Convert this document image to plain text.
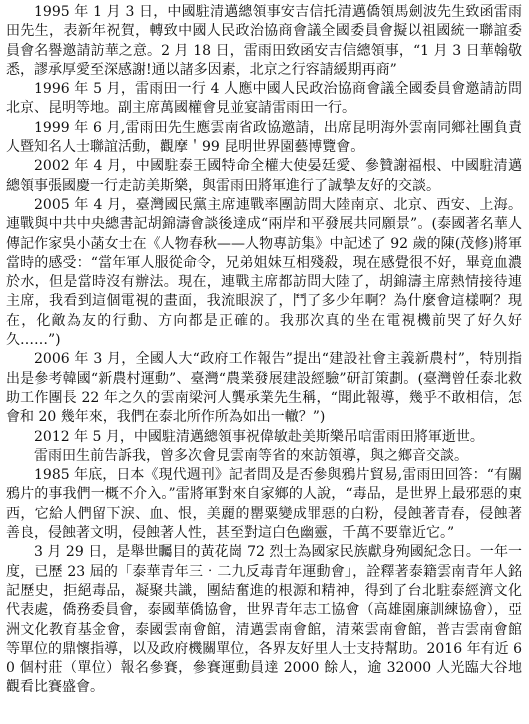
1995 年 1 月 3 日，中國駐清邁總領事安吉信托清邁僑領馬劍波先生致函雷雨田先生，表新年祝賀，轉致中國人民政治協商會議全國委員會擬以祖國統一聯誼委員會名譽邀請訪華之意。2 月 18 日，雷雨田致函安吉信總領事，“1 月 3 日華翰敬悉，謬承厚愛至深感謝!通以諸多因素，北京之行容請緩期再商”

1996 年 5 月，雷雨田一行 4 人應中國人民政治協商會議全國委員會邀請訪問北京、昆明等地。副主席萬國權會見並宴請雷雨田一行。

1999 年 6 月,雷雨田先生應雲南省政協邀請，出席昆明海外雲南同鄉社團負責人暨知名人士聯誼活動，觀摩＇99 昆明世界園藝博覽會。

2002 年 4 月，中國駐泰王國特命全權大使晏廷愛、參贊謝福根、中國駐清邁總領事張國慶一行走訪美斯樂，與雷雨田將軍進行了誠摯友好的交談。

2005 年 4 月，臺灣國民黨主席連戰率團訪問大陸南京、北京、西安、上海。連戰與中共中央總書記胡錦濤會談後達成“兩岸和平發展共同願景”。(泰國著名華人傳記作家吳小菡女士在《人物春秋——人物專訪集》中記述了 92 歲的陳(茂修)將軍當時的感受：“當年軍人服從命令，兄弟姐妹互相殘殺，現在感覺很不好，畢竟血濃於水，但是當時沒有辦法。現在，連戰主席都訪問大陸了，胡錦濤主席熱情接待連主席，我看到這個電視的畫面，我流眼淚了，鬥了多少年啊？為什麼會這樣啊？現在，化敵為友的行動、方向都是正確的。我那次真的坐在電視機前哭了好久好久……”)

2006 年 3 月，全國人大“政府工作報告”提出“建設社會主義新農村”，特別指出是參考韓國“新農村運動”、臺灣“農業發展建設經驗”研訂策劃。(臺灣曾任泰北救助工作團長 22 年之久的雲南梁河人龔承業先生稱，“聞此報導，幾乎不敢相信，怎會和 20 幾年來，我們在泰北所作所為如出一轍？”)

2012 年 5 月，中國駐清邁總領事祝偉敏赴美斯樂吊唁雷雨田將軍逝世。

雷雨田生前告訴我，曾多次會見雲南等省的來訪領導，與之鄉音交談。

1985 年底，日本《現代週刊》記者問及是否參與鴉片貿易,雷雨田回答：“有關鴉片的事我們一概不介入。”雷將軍對來自家鄉的人說，“毒品，是世界上最邪惡的東西，它給人們留下淚、血、恨，美麗的罌粟變成罪惡的白粉，侵蝕著青春，侵蝕著善良，侵蝕著文明，侵蝕著人性，甚至對這白色幽靈，千萬不要靠近它。”

3 月 29 日，是舉世矚目的黃花崗 72 烈士為國家民族獻身殉國紀念日。一年一度，已歷 23 屆的「泰華青年三‧二九反毒青年運動會」，詮釋著泰籍雲南青年人銘記歷史，拒絕毒品，凝聚共識，團結奮進的根源和精神，得到了台北駐泰經濟文化代表處，僑務委員會，泰國華僑協會，世界青年志工協會（高雄園廉訓練協會），亞洲文化教育基金會，泰國雲南會館，清邁雲南會館，清萊雲南會館，普吉雲南會館等單位的鼎懷指導，以及政府機關單位，各界友好里人士支持幫助。2016 年有近 60 個村莊（單位）報名參賽，參賽運動員達 2000 餘人，逾 32000 人光臨大谷地觀看比賽盛會。
